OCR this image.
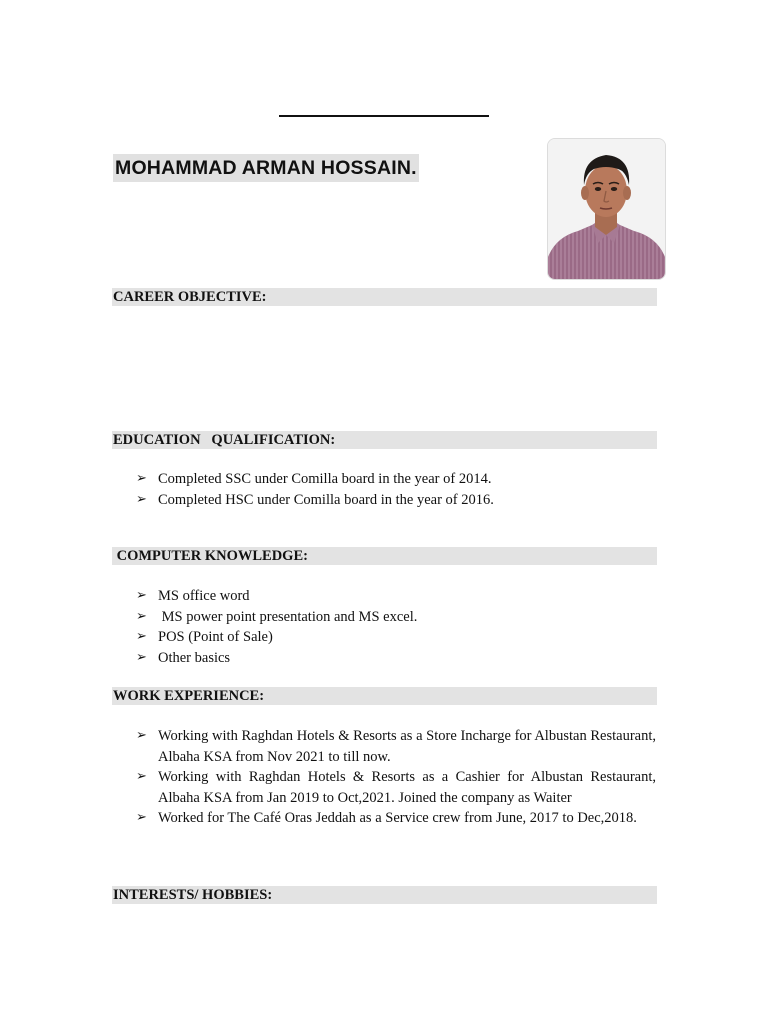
MOHAMMAD ARMAN HOSSAIN.
CAREER OBJECTIVE:
EDUCATION   QUALIFICATION:
➢ Completed SSC under Comilla board in the year of 2014.
➢ Completed HSC under Comilla board in the year of 2016.
COMPUTER KNOWLEDGE:
➢ MS office word
➢ MS power point presentation and MS excel.
➢ POS (Point of Sale)
➢ Other basics
WORK EXPERIENCE:
➢ Working with Raghdan Hotels & Resorts as a Store Incharge for Albustan Restaurant, Albaha KSA from Nov 2021 to till now.
➢ Working with Raghdan Hotels & Resorts as a Cashier for Albustan Restaurant, Albaha KSA from Jan 2019 to Oct,2021. Joined the company as Waiter
➢ Worked for The Café Oras Jeddah as a Service crew from June, 2017 to Dec,2018.
INTERESTS/ HOBBIES:
